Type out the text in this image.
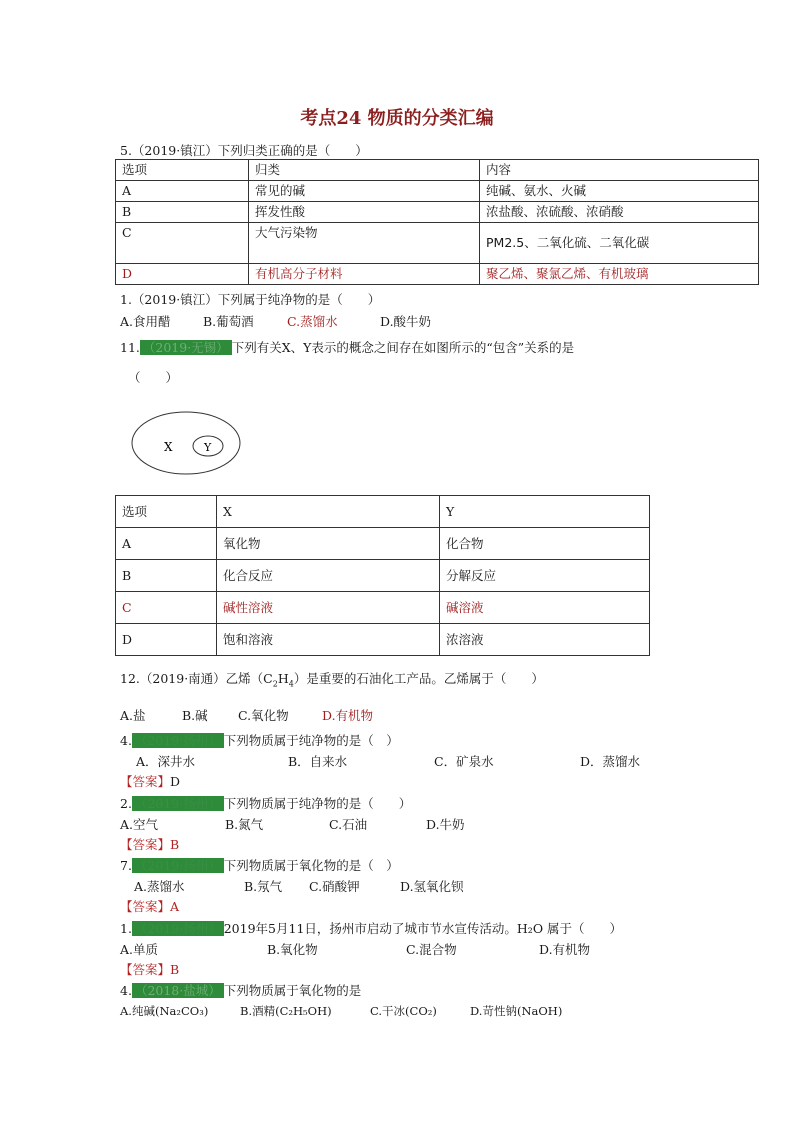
考点24 物质的分类汇编
5.（2019·镇江）下列归类正确的是（　　）
选项	归类	内容
A	常见的碱	纯碱、氨水、火碱
B	挥发性酸	浓盐酸、浓硫酸、浓硝酸
C	大气污染物	PM2.5、二氧化硫、二氧化碳
D	有机高分子材料	聚乙烯、聚氯乙烯、有机玻璃
1.（2019·镇江）下列属于纯净物的是（　　）
A.食用醋	B.葡萄酒	C.蒸馏水	D.酸牛奶
11. （2019·无锡） 下列有关X、Y表示的概念之间存在如图所示的“包含”关系的是
（　　）
X	Y
选项	X	Y
A	氧化物	化合物
B	化合反应	分解反应
C	碱性溶液	碱溶液
D	饱和溶液	浓溶液
12.（2019·南通）乙烯$(C_2H_4)$是重要的石油化工产品。乙烯属于（　　）
A.盐	B.碱 C.氧化物	D.有机物
4. （2019·扬州） 下列物质属于纯净物的是（　）
A．深井水	B．自来水	C．矿泉水	D．蒸馏水
【答案】D
2. （2019·扬州） 下列物质属于纯净物的是（　　）
A.空气	B.氮气	C.石油	D.牛奶
【答案】B
7. （2019·扬州） 下列物质属于氧化物的是（　）
A.蒸馏水	B.氖气 C.硝酸钾	D.氢氧化钡
【答案】A
1. （2019·扬州） 2019年5月11日，扬州市启动了城市节水宣传活动。H₂O 属于（　　）
A.单质	B.氧化物	C.混合物	D.有机物
【答案】B
4. （2018·盐城） 下列物质属于氧化物的是
A.纯碱(Na₂CO₃)	B.酒精(C₂H₅OH)	C.干冰(CO₂)	D.苛性钠(NaOH)
